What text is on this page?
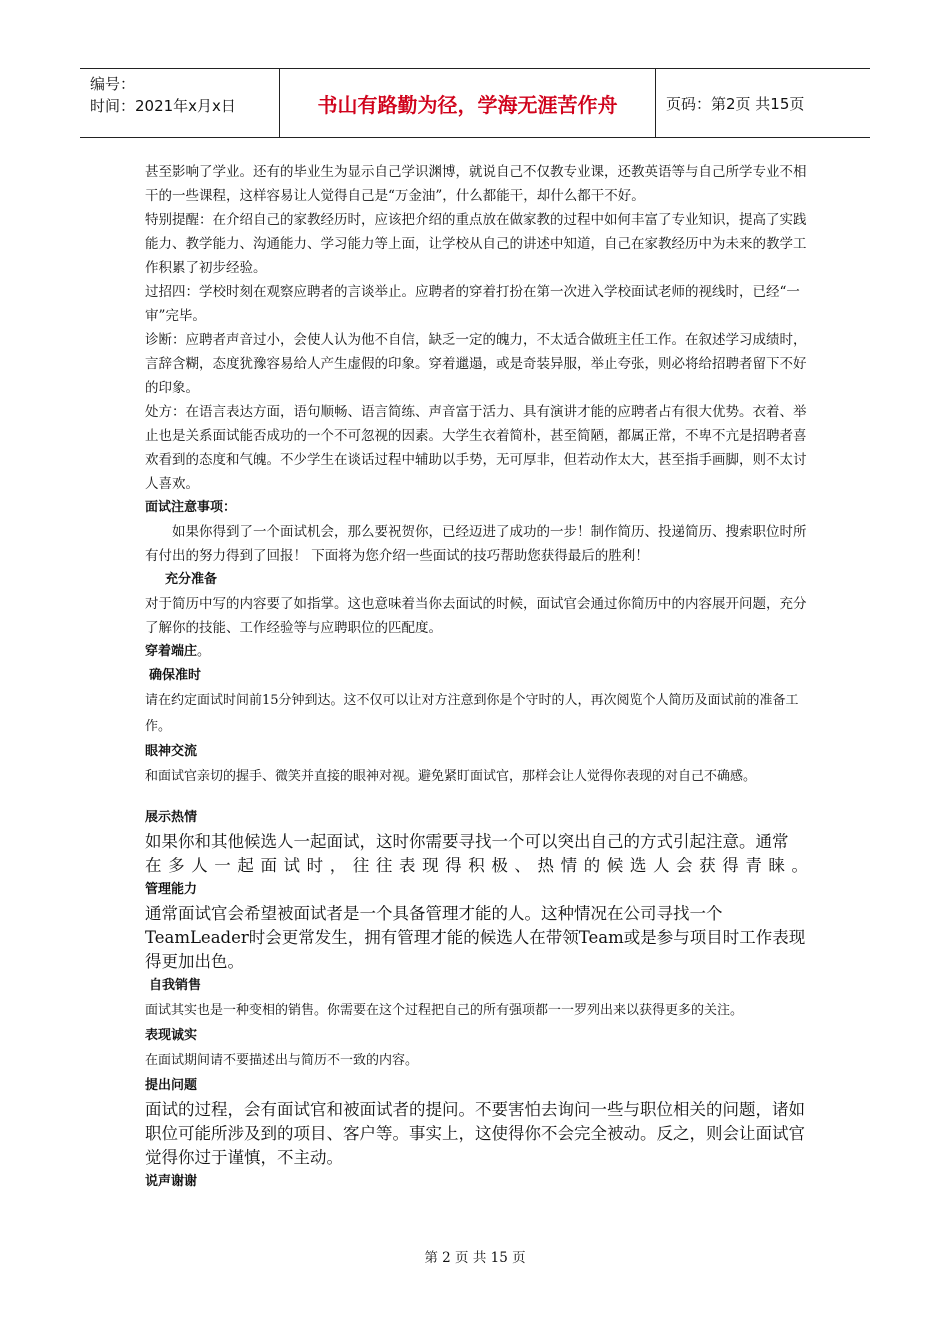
编号：
时间：2021年x月x日	书山有路勤为径，学海无涯苦作舟	页码：第2页 共15页

甚至影响了学业。还有的毕业生为显示自己学识渊博，就说自己不仅教专业课，还教英语等与自己所学专业不相干的一些课程，这样容易让人觉得自己是“万金油”，什么都能干，却什么都干不好。

特别提醒：在介绍自己的家教经历时，应该把介绍的重点放在做家教的过程中如何丰富了专业知识，提高了实践能力、教学能力、沟通能力、学习能力等上面，让学校从自己的讲述中知道，自己在家教经历中为未来的教学工作积累了初步经验。

过招四：学校时刻在观察应聘者的言谈举止。应聘者的穿着打扮在第一次进入学校面试老师的视线时，已经“一审”完毕。

诊断：应聘者声音过小，会使人认为他不自信，缺乏一定的魄力，不太适合做班主任工作。在叙述学习成绩时，言辞含糊，态度犹豫容易给人产生虚假的印象。穿着邋遢，或是奇装异服，举止夸张，则必将给招聘者留下不好的印象。

处方：在语言表达方面，语句顺畅、语言简练、声音富于活力、具有演讲才能的应聘者占有很大优势。衣着、举止也是关系面试能否成功的一个不可忽视的因素。大学生衣着简朴，甚至简陋，都属正常，不卑不亢是招聘者喜欢看到的态度和气魄。不少学生在谈话过程中辅助以手势，无可厚非，但若动作太大，甚至指手画脚，则不太讨人喜欢。

面试注意事项：

如果你得到了一个面试机会，那么要祝贺你，已经迈进了成功的一步！制作简历、投递简历、搜索职位时所有付出的努力得到了回报！ 下面将为您介绍一些面试的技巧帮助您获得最后的胜利！

充分准备

对于简历中写的内容要了如指掌。这也意味着当你去面试的时候，面试官会通过你简历中的内容展开问题，充分了解你的技能、工作经验等与应聘职位的匹配度。

穿着端庄。

确保准时

请在约定面试时间前15分钟到达。这不仅可以让对方注意到你是个守时的人，再次阅览个人简历及面试前的准备工作。

眼神交流

和面试官亲切的握手、微笑并直接的眼神对视。避免紧盯面试官，那样会让人觉得你表现的对自己不确感。

展示热情

如果你和其他候选人一起面试，这时你需要寻找一个可以突出自己的方式引起注意。通常

在多人一起面试时，往往表现得积极、热情的候选人会获得青睐。

管理能力

通常面试官会希望被面试者是一个具备管理才能的人。这种情况在公司寻找一个TeamLeader时会更常发生，拥有管理才能的候选人在带领Team或是参与项目时工作表现得更加出色。

自我销售

面试其实也是一种变相的销售。你需要在这个过程把自己的所有强项都一一罗列出来以获得更多的关注。

表现诚实

在面试期间请不要描述出与简历不一致的内容。

提出问题

面试的过程，会有面试官和被面试者的提问。不要害怕去询问一些与职位相关的问题，诸如职位可能所涉及到的项目、客户等。事实上，这使得你不会完全被动。反之，则会让面试官觉得你过于谨慎，不主动。

说声谢谢

第 2 页 共 15 页
